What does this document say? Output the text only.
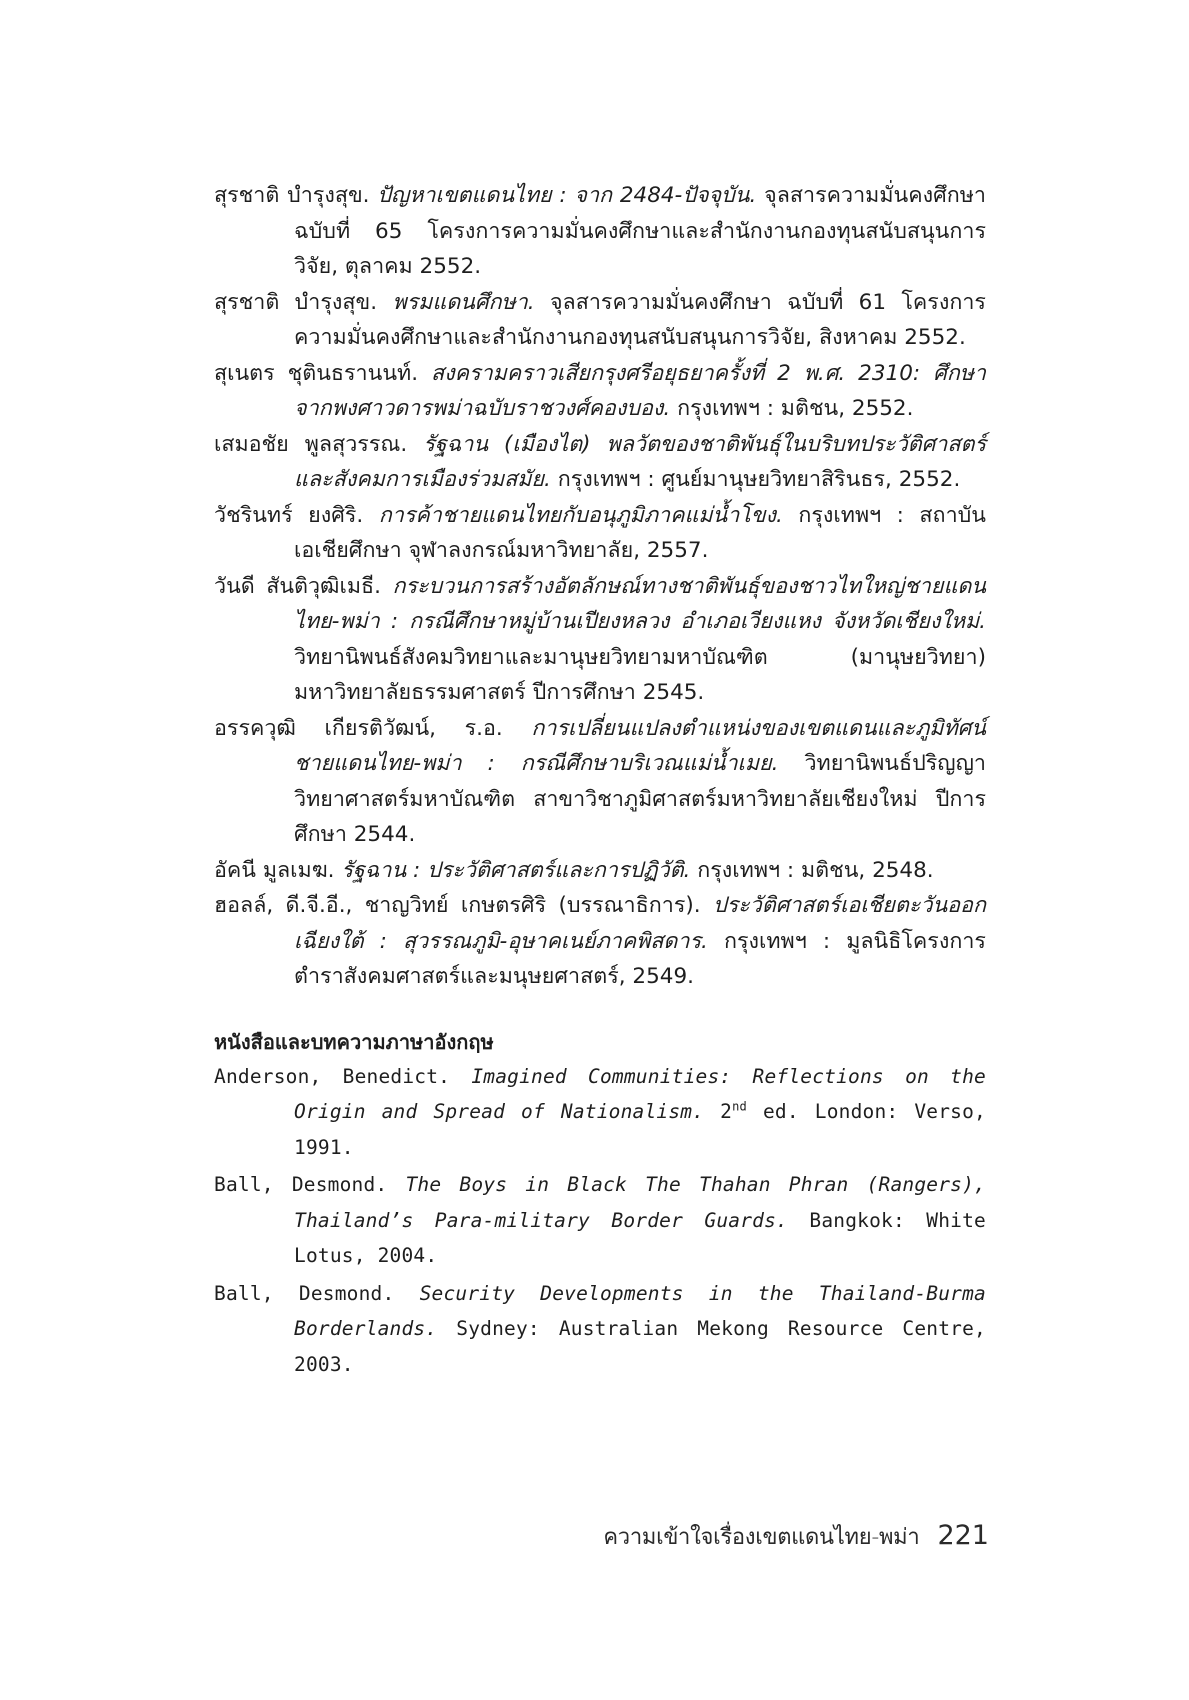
สุรชาติ บำรุงสุข. ปัญหาเขตแดนไทย : จาก 2484-ปัจจุบัน. จุลสารความมั่นคงศึกษา ฉบับที่ 65 โครงการความมั่นคงศึกษาและสำนักงานกองทุนสนับสนุนการวิจัย, ตุลาคม 2552.

สุรชาติ บำรุงสุข. พรมแดนศึกษา. จุลสารความมั่นคงศึกษา ฉบับที่ 61 โครงการความมั่นคงศึกษาและสำนักงานกองทุนสนับสนุนการวิจัย, สิงหาคม 2552.

สุเนตร ชุตินธรานนท์. สงครามคราวเสียกรุงศรีอยุธยาครั้งที่ 2 พ.ศ. 2310: ศึกษาจากพงศาวดารพม่าฉบับราชวงศ์คองบอง. กรุงเทพฯ : มติชน, 2552.

เสมอชัย พูลสุวรรณ. รัฐฉาน (เมืองไต) พลวัตของชาติพันธุ์ในบริบทประวัติศาสตร์และสังคมการเมืองร่วมสมัย. กรุงเทพฯ : ศูนย์มานุษยวิทยาสิรินธร, 2552.

วัชรินทร์ ยงศิริ. การค้าชายแดนไทยกับอนุภูมิภาคแม่น้ำโขง. กรุงเทพฯ : สถาบันเอเชียศึกษา จุฬาลงกรณ์มหาวิทยาลัย, 2557.

วันดี สันติวุฒิเมธี. กระบวนการสร้างอัตลักษณ์ทางชาติพันธุ์ของชาวไทใหญ่ชายแดนไทย-พม่า : กรณีศึกษาหมู่บ้านเปียงหลวง อำเภอเวียงแหง จังหวัดเชียงใหม่. วิทยานิพนธ์สังคมวิทยาและมานุษยวิทยามหาบัณฑิต (มานุษยวิทยา) มหาวิทยาลัยธรรมศาสตร์ ปีการศึกษา 2545.

อรรควุฒิ เกียรติวัฒน์, ร.อ. การเปลี่ยนแปลงตำแหน่งของเขตแดนและภูมิทัศน์ชายแดนไทย-พม่า : กรณีศึกษาบริเวณแม่น้ำเมย. วิทยานิพนธ์ปริญญาวิทยาศาสตร์มหาบัณฑิต สาขาวิชาภูมิศาสตร์มหาวิทยาลัยเชียงใหม่ ปีการศึกษา 2544.

อัคนี มูลเมฆ. รัฐฉาน : ประวัติศาสตร์และการปฏิวัติ. กรุงเทพฯ : มติชน, 2548.

ฮอลล์, ดี.จี.อี., ชาญวิทย์ เกษตรศิริ (บรรณาธิการ). ประวัติศาสตร์เอเชียตะวันออกเฉียงใต้ : สุวรรณภูมิ-อุษาคเนย์ภาคพิสดาร. กรุงเทพฯ : มูลนิธิโครงการตำราสังคมศาสตร์และมนุษยศาสตร์, 2549.

หนังสือและบทความภาษาอังกฤษ

Anderson, Benedict. Imagined Communities: Reflections on the Origin and Spread of Nationalism. 2nd ed. London: Verso, 1991.

Ball, Desmond. The Boys in Black The Thahan Phran (Rangers), Thailand’s Para-military Border Guards. Bangkok: White Lotus, 2004.

Ball, Desmond. Security Developments in the Thailand-Burma Borderlands. Sydney: Australian Mekong Resource Centre, 2003.

ความเข้าใจเรื่องเขตแดนไทย-พม่า 221
